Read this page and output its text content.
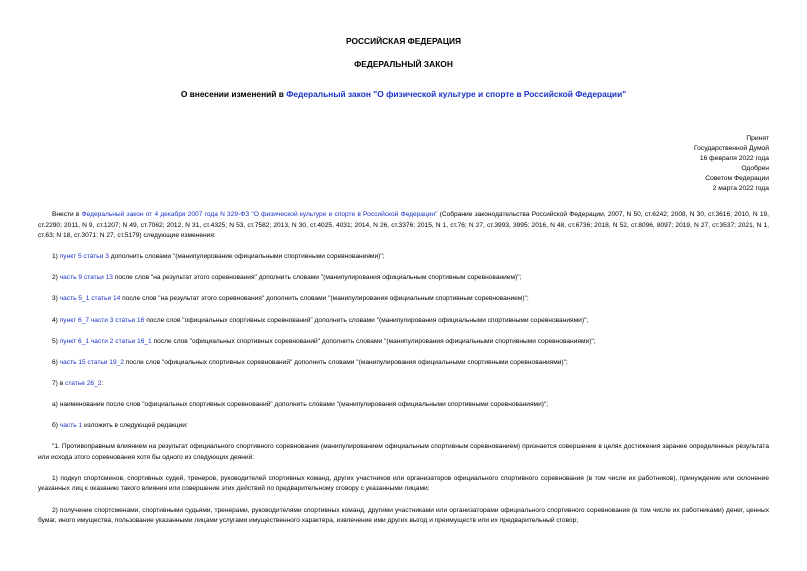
РОССИЙСКАЯ ФЕДЕРАЦИЯ
ФЕДЕРАЛЬНЫЙ ЗАКОН
О внесении изменений в Федеральный закон "О физической культуре и спорте в Российской Федерации"
Принят
Государственной Думой
16 февраля 2022 года
Одобрен
Советом Федерации
2 марта 2022 года

Внести в Федеральный закон от 4 декабря 2007 года N 329-ФЗ "О физической культуре и спорте в Российской Федерации" (Собрание законодательства Российской Федерации, 2007, N 50, ст.6242; 2008, N 30, ст.3616; 2010, N 19, ст.2290; 2011, N 9, ст.1207; N 49, ст.7062; 2012, N 31, ст.4325; N 53, ст.7582; 2013, N 30, ст.4025, 4031; 2014, N 26, ст.3376; 2015, N 1, ст.76; N 27, ст.3993, 3995; 2016, N 48, ст.6736; 2018, N 52, ст.8096, 8097; 2019, N 27, ст.3537; 2021, N 1, ст.63; N 18, ст.3071; N 27, ст.5179) следующие изменения:

1) пункт 5 статьи 3 дополнить словами "(манипулирование официальными спортивными соревнованиями)";

2) часть 9 статьи 13 после слов "на результат этого соревнования" дополнить словами "(манипулирования официальным спортивным соревнованием)";

3) часть 5_1 статьи 14 после слов "на результат этого соревнования" дополнить словами "(манипулирования официальным спортивным соревнованием)";

4) пункт 6_7 части 3 статьи 16 после слов "официальных спортивных соревнований" дополнить словами "(манипулирования официальными спортивными соревнованиями)";

5) пункт 6_1 части 2 статьи 16_1 после слов "официальных спортивных соревнований" дополнить словами "(манипулирования официальными спортивными соревнованиями)";

6) часть 15 статьи 19_2 после слов "официальных спортивных соревнований" дополнить словами "(манипулирования официальными спортивными соревнованиями)";

7) в статье 26_2:

а) наименование после слов "официальных спортивных соревнований" дополнить словами "(манипулирования официальными спортивными соревнованиями)";

б) часть 1 изложить в следующей редакции:

"1. Противоправным влиянием на результат официального спортивного соревнования (манипулированием официальным спортивным соревнованием) признается совершение в целях достижения заранее определенных результата или исхода этого соревнования хотя бы одного из следующих деяний:

1) подкуп спортсменов, спортивных судей, тренеров, руководителей спортивных команд, других участников или организаторов официального спортивного соревнования (в том числе их работников), принуждение или склонение указанных лиц к оказанию такого влияния или совершение этих действий по предварительному сговору с указанными лицами;

2) получение спортсменами, спортивными судьями, тренерами, руководителями спортивных команд, другими участниками или организаторами официального спортивного соревнования (в том числе их работниками) денег, ценных бумаг, иного имущества, пользование указанными лицами услугами имущественного характера, извлечение ими других выгод и преимуществ или их предварительный сговор;
